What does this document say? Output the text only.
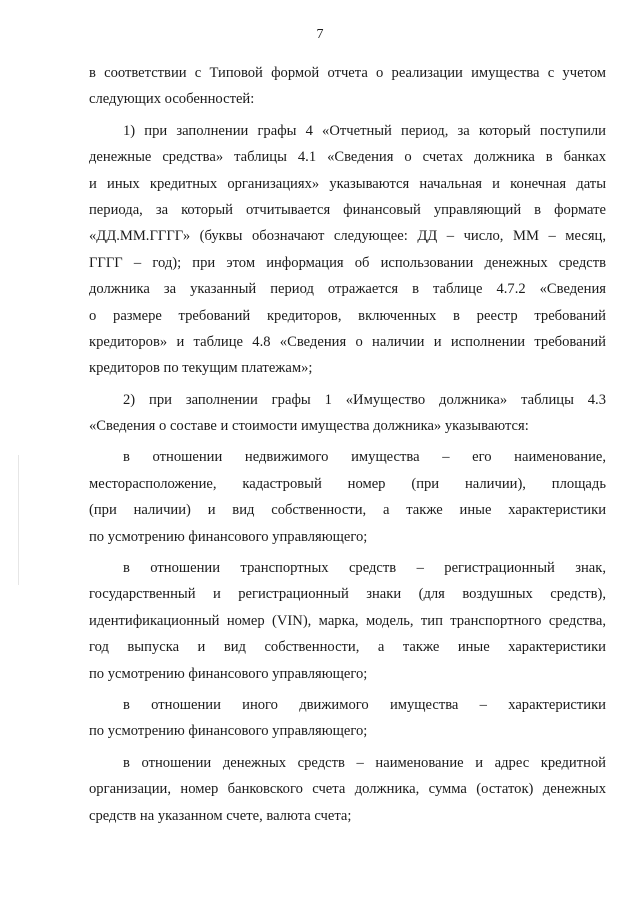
7
в соответствии с Типовой формой отчета о реализации имущества с учетом
следующих особенностей:
1) при заполнении графы 4 «Отчетный период, за который поступили
денежные средства» таблицы 4.1 «Сведения о счетах должника в банках
и иных кредитных организациях» указываются начальная и конечная даты
периода, за который отчитывается финансовый управляющий в формате
«ДД.ММ.ГГГГ» (буквы обозначают следующее: ДД – число, ММ – месяц,
ГГГГ – год); при этом информация об использовании денежных средств
должника за указанный период отражается в таблице 4.7.2 «Сведения
о размере требований кредиторов, включенных в реестр требований
кредиторов» и таблице 4.8 «Сведения о наличии и исполнении требований
кредиторов по текущим платежам»;
2) при заполнении графы 1 «Имущество должника» таблицы 4.3
«Сведения о составе и стоимости имущества должника» указываются:
в отношении недвижимого имущества – его наименование,
месторасположение, кадастровый номер (при наличии), площадь
(при наличии) и вид собственности, а также иные характеристики
по усмотрению финансового управляющего;
в отношении транспортных средств – регистрационный знак,
государственный и регистрационный знаки (для воздушных средств),
идентификационный номер (VIN), марка, модель, тип транспортного средства,
год выпуска и вид собственности, а также иные характеристики
по усмотрению финансового управляющего;
в отношении иного движимого имущества – характеристики
по усмотрению финансового управляющего;
в отношении денежных средств – наименование и адрес кредитной
организации, номер банковского счета должника, сумма (остаток) денежных
средств на указанном счете, валюта счета;
